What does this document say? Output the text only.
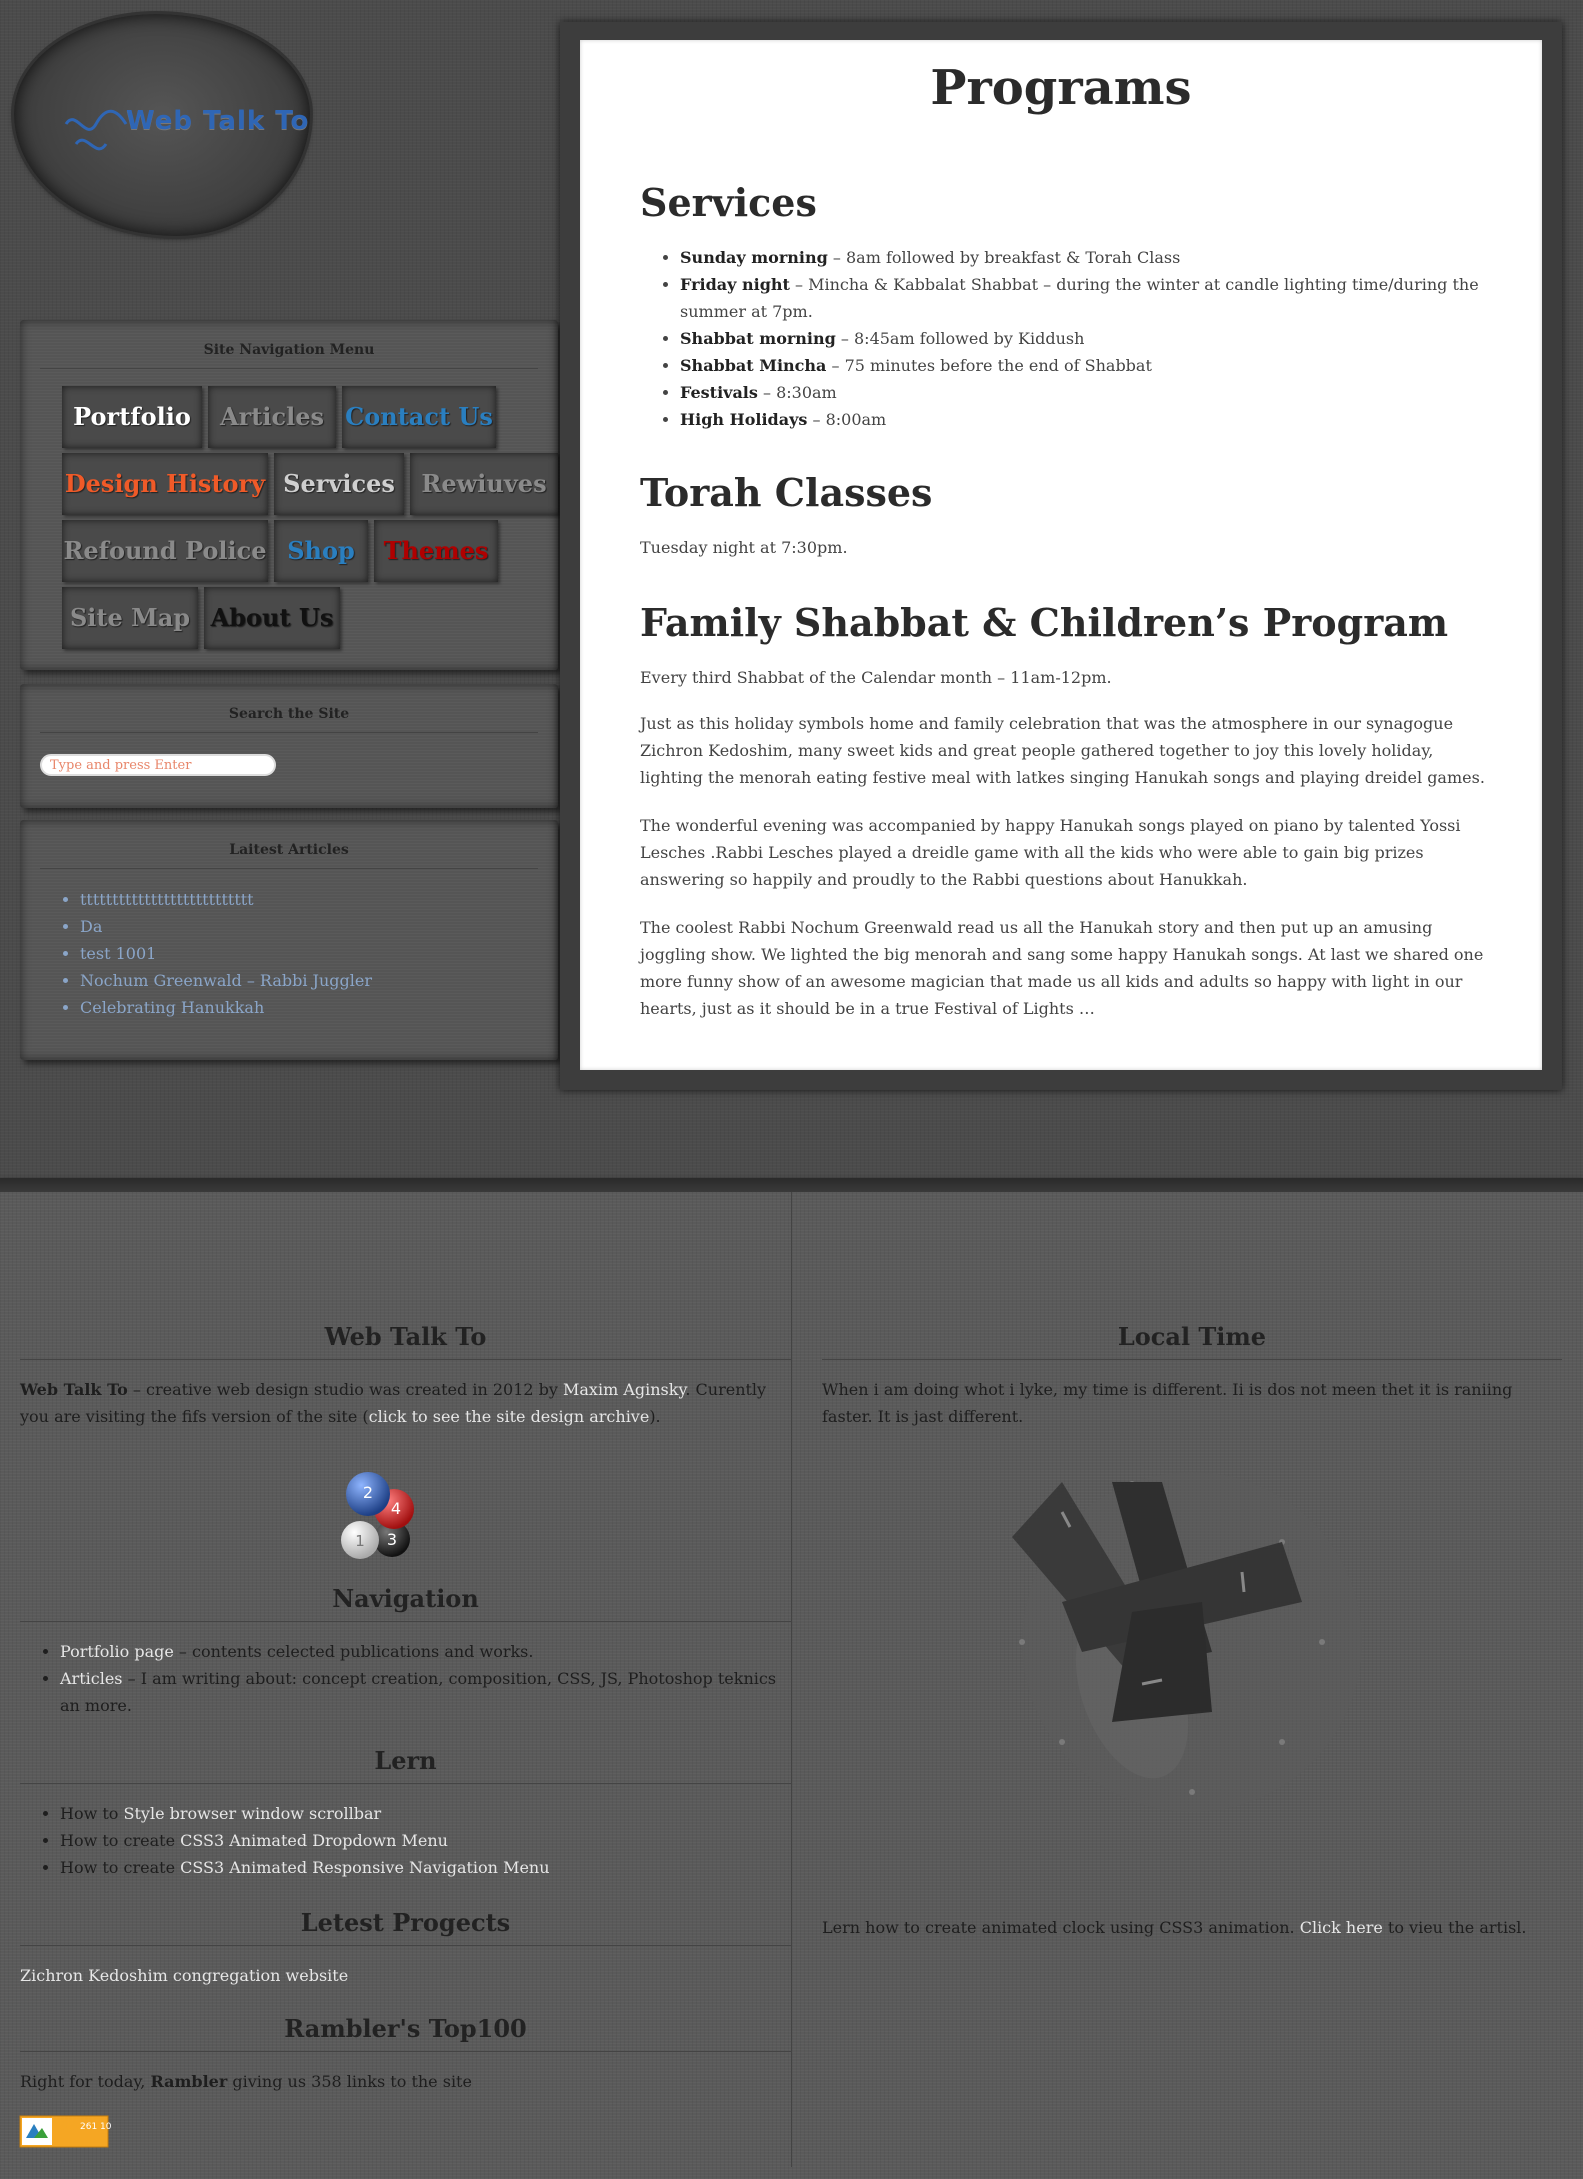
Web Talk To
Site Navigation Menu
Portfolio	Articles Contact Us
Design History Services	Rewiuves
Refound Police Shop	Themes
Site Map About Us
Search the Site
Type and press Enter
Laitest Articles
• ttttttttttttttttttttttttttt
• Da
• test 1001
• Nochum Greenwald – Rabbi Juggler
• Celebrating Hanukkah
Programs
Services
• Sunday morning – 8am followed by breakfast & Torah Class
• Friday night – Mincha & Kabbalat Shabbat – during the winter at candle lighting time/during the summer at 7pm.
• Shabbat morning – 8:45am followed by Kiddush
• Shabbat Mincha – 75 minutes before the end of Shabbat
• Festivals – 8:30am
• High Holidays – 8:00am
Torah Classes

Tuesday night at 7:30pm.

Family Shabbat & Children’s Program

Every third Shabbat of the Calendar month – 11am-12pm.

Just as this holiday symbols home and family celebration that was the atmosphere in our synagogue Zichron Kedoshim, many sweet kids and great people gathered together to joy this lovely holiday, lighting the menorah eating festive meal with latkes singing Hanukah songs and playing dreidel games.

The wonderful evening was accompanied by happy Hanukah songs played on piano by talented Yossi Lesches .Rabbi Lesches played a dreidle game with all the kids who were able to gain big prizes answering so happily and proudly to the Rabbi questions about Hanukkah.

The coolest Rabbi Nochum Greenwald read us all the Hanukah story and then put up an amusing joggling show. We lighted the big menorah and sang some happy Hanukah songs. At last we shared one more funny show of an awesome magician that made us all kids and adults so happy with light in our hearts, just as it should be in a true Festival of Lights …

Web Talk To

Web Talk To – creative web design studio was created in 2012 by Maxim Aginsky. Curently you are visiting the fifs version of the site (click to see the site design archive).

3
4
2
1
Navigation
• Portfolio page – contents celected publications and works.
• Articles – I am writing about: concept creation, composition, CSS, JS, Photoshop teknics an more.
Lern
• How to Style browser window scrollbar
• How to create CSS3 Animated Dropdown Menu
• How to create CSS3 Animated Responsive Navigation Menu
Letest Progects

Zichron Kedoshim congregation website

Rambler's Top100

Right for today, Rambler giving us 358 links to the site

261 10
Local Time

When i am doing whot i lyke, my time is different. Ii is dos not meen thet it is raniing faster. It is jast different.

Lern how to create animated clock using CSS3 animation. Click here to vieu the artisl.
